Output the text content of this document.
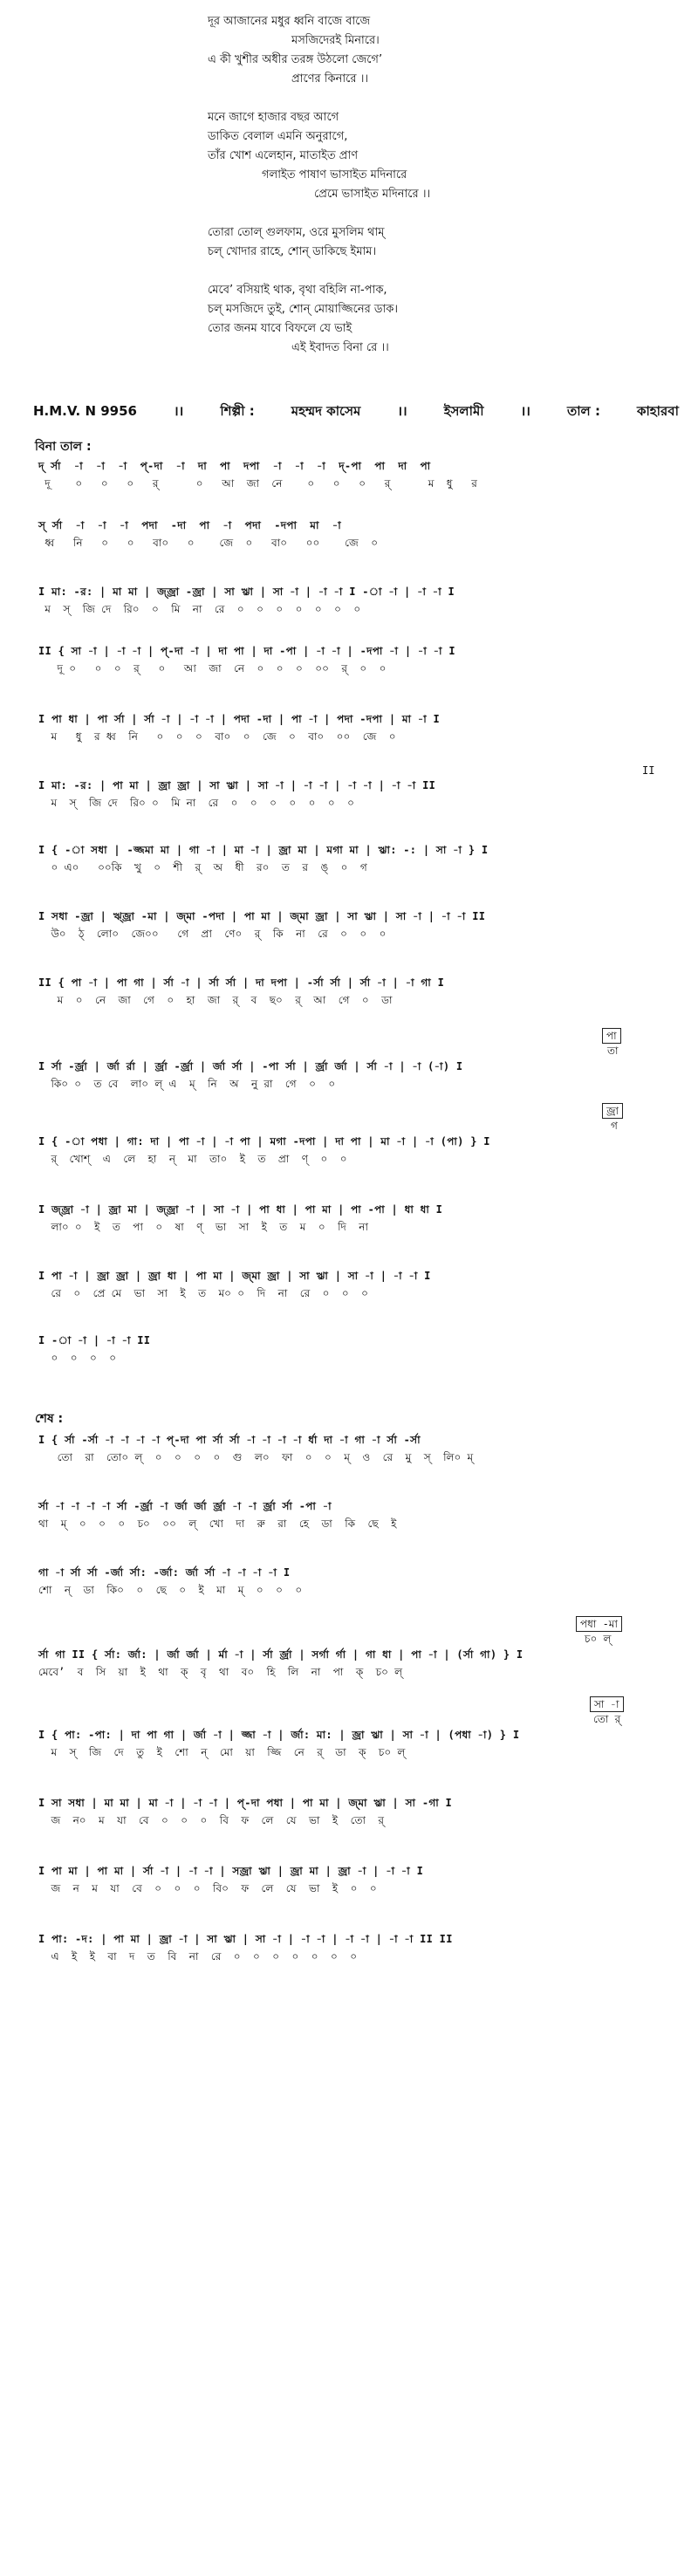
দূর আজানের মধুর ধ্বনি বাজে বাজে
মসজিদেরই মিনারে।
এ কী খুশীর অধীর তরঙ্গ উঠলো জেগে’
প্রাণের কিনারে ।।
মনে জাগে হাজার বছর আগে
ডাকিত বেলাল এমনি অনুরাগে,
তাঁর খোশ এলেহান, মাতাইত প্রাণ
গলাইত পাষাণ ভাসাইত মদিনারে
প্রেমে ভাসাইত মদিনারে ।।
তোরা তোল্ গুলফাম, ওরে মুসলিম থাম্
চল্ খোদার রাহে, শোন্ ডাকিছে ইমাম।
মেবে’ বসিয়াই থাক, বৃথা বহিলি না-পাক,
চল্ মসজিদে তুই, শোন্ মোয়াজ্জিনের ডাক।
তোর জনম যাবে বিফলে যে ভাই
এই ইবাদত বিনা রে ।।
H.M.V. N 9956	।।	শিল্পী :	মহম্মদ কাসেম	।।	ইসলামী	।।	তাল :	কাহারবা
বিনা তাল :
দ্ র্সা  -া  -া  -া  প্-দা  -া  দা  পা  দপা  -া  -া  -া  দ্-পা  পা  দা  পা
দূ    ০   ০   ০   র্      ০   আ  জা  নে    ০   ০   ০   র্      ম  ধু   র
স্ র্সা  -া  -া  -া  পদা  -দা  পা  -া  পদা  -দপা  মা  -া
ধ্ব   নি   ০   ০   বা০   ০    জে  ০   বা০   ০০    জে  ০
I মা: -র: | মা মা | জ্জ্রা -জ্রা | সা ঋ্রা | সা -া | -া -া I -া -া | -া -া I
ম  স্  জি দে  রি০  ০  মি  না  রে  ০  ০  ০  ০  ০  ০  ০
II { সা -া | -া -া | প্-দা -া | দা পা | দা -পা | -া -া | -দপা -া | -া -া I
দূ ০   ০  ০  র্   ০   আ  জা  নে  ০  ০  ০  ০০  র্  ০  ০
I পা ধা | পা র্সা | র্সা -া | -া -া | পদা -দা | পা -া | পদা -দপা | মা -া I
ম   ধু  র ধ্ব  নি   ০  ০  ০  বা০  ০  জে  ০  বা০  ০০  জে  ০
II
I মা: -র: | পা মা | জ্রা জ্রা | সা ঋ্রা | সা -া | -া -া | -া -া | -া -া II
ম  স্  জি দে  রি০ ০  মি না  রে  ০  ০  ০  ০  ০  ০  ০
I { -া সধা | -জ্জমা মা | গা -া | মা -া | জ্রা মা | মগা মা | ঋ্রা: -: | সা -া } I
০ এ০   ০০কি  খু  ০  শী  র্  অ  ধী  র০  ত  র  ঙ্  ০  গ
I সধা -জ্রা | ঋ্জ্রা -মা | জ্মা -পদা | পা মা | জ্মা জ্রা | সা ঋ্রা | সা -া | -া -া II
উ০  ঠ্  লো০  জে০০   গে  প্রা  ণে০  র্  কি  না  রে  ০  ০  ০
II { পা -া | পা গা | র্সা -া | র্সা র্সা | দা দপা | -র্সা র্সা | র্সা -া | -া গা I
ম  ০  নে  জা  গে  ০  হা  জা  র্  ব  ছ০  র্  আ  গে  ০  ডা
পা
তা
I র্সা -র্জ্রা | র্জা র্রা | র্জ্রা -র্জ্রা | র্জা র্সা | -পা র্সা | র্জ্রা র্জা | র্সা -া | -া (-া) I
কি০ ০  ত বে  লা০ ল্ এ  ম্  নি  অ  নু রা  গে  ০  ০
জ্রা
গ
I { -া পধা | গা: দা | পা -া | -া পা | মগা -দপা | দা পা | মা -া | -া (পা) } I
র্  খোশ্  এ  লে  হা  ন্  মা  তা০  ই  ত  প্রা  ণ্  ০  ০
I জ্জ্রা -া | জ্রা মা | জ্জ্রা -া | সা -া | পা ধা | পা মা | পা -পা | ধা ধা I
লা০ ০  ই  ত  পা  ০  ষা  ণ্  ভা  সা  ই  ত  ম  ০  দি  না
I পা -া | জ্রা জ্রা | জ্রা ধা | পা মা | জ্মা জ্রা | সা ঋ্রা | সা -া | -া -া I
রে  ০  প্রে মে  ভা  সা  ই  ত  ম০ ০  দি  না  রে  ০  ০  ০
I -া -া | -া -া II
০  ০  ০  ০
শেষ :
I { র্সা -র্সা -া -া -া -া প্-দা পা র্সা র্সা -া -া -া -া র্ধা দা -া গা -া র্সা -র্সা
তো  রা  তো০ ল্  ০  ০  ০  ০  গু  ল০  ফা  ০  ০  ম্  ও  রে  মু  স্  লি০ ম্
র্সা -া -া -া -া র্সা -র্জ্রা -া র্জা র্জা র্জ্রা -া -া র্জ্রা র্সা -পা -া
থা  ম্  ০  ০  ০  চ০  ০০  ল্  খো  দা  রু  রা  হে  ডা  কি  ছে  ই
গা -া র্সা র্সা -র্জা র্সা: -র্জা: র্জা র্সা -া -া -া -া I
শো  ন্  ডা  কি০  ০  ছে  ০  ই  মা  ম্  ০  ০  ০
পধা -মা
চ০ ল্
র্সা গা II { র্সা: র্জা: | র্জা র্জা | র্মা -া | র্সা র্জ্রা | সর্গা র্গা | গা ধা | পা -া | (র্সা গা) } I
মেবে’  ব  সি  য়া  ই  থা  ক্  বৃ  থা  ব০  হি  লি  না  পা  ক্  চ০ ল্
সা -া
তো র্
I { পা: -পা: | দা পা গা | র্জা -া | জ্জা -া | র্জা: মা: | জ্রা ঋ্রা | সা -া | (পধা -া) } I
ম  স্  জি  দে  তু  ই  শো  ন্  মো  য়া  জ্জি  নে  র্  ডা  ক্  চ০ ল্
I সা সধা | মা মা | মা -া | -া -া | প্-দা পধা | পা মা | জ্মা ঋ্রা | সা -গা I
জ  ন০  ম  যা  বে  ০  ০  ০  বি  ফ  লে  যে  ভা  ই  তো  র্
I পা মা | পা মা | র্সা -া | -া -া | সজ্রা ঋ্রা | জ্রা মা | জ্রা -া | -া -া I
জ  ন  ম  যা  বে  ০  ০  ০  বি০  ফ  লে  যে  ভা  ই  ০  ০
I পা: -দ: | পা মা | জ্রা -া | সা ঋ্রা | সা -া | -া -া | -া -া | -া -া II II
এ  ই  ই  বা  দ  ত  বি  না  রে  ০  ০  ০  ০  ০  ০  ০
